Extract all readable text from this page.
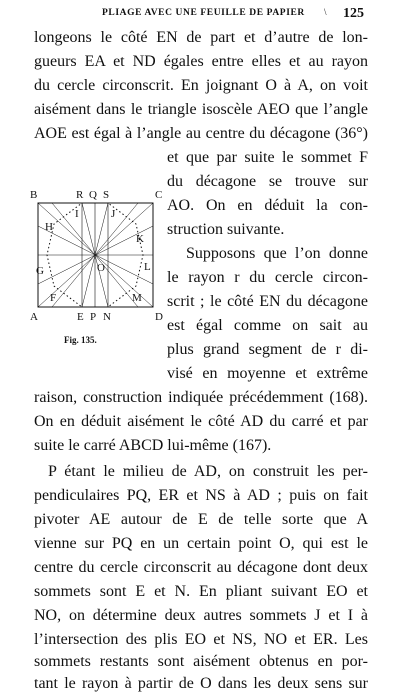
PLIAGE AVEC UNE FEUILLE DE PAPIER \ 125
longeons le côté EN de part et d’autre de lon-
gueurs EA et ND égales entre elles et au rayon
du cercle circonscrit. En joignant O à A, on voit
aisément dans le triangle isoscèle AEO que l’angle
AOE est égal à l’angle au centre du décagone (36°)
et que par suite le sommet F
du décagone se trouve sur
AO. On en déduit la con-
struction suivante.
Supposons que l’on donne
le rayon r du cercle circon-
scrit ; le côté EN du décagone
est égal comme on sait au
plus grand segment de r di-
visé en moyenne et extrême
raison, construction indiquée précédemment (168).
On en déduit aisément le côté AD du carré et par
suite le carré ABCD lui-même (167).
P étant le milieu de AD, on construit les per-
pendiculaires PQ, ER et NS à AD ; puis on fait
pivoter AE autour de E de telle sorte que A
vienne sur PQ en un certain point O, qui est le
centre du cercle circonscrit au décagone dont deux
sommets sont E et N. En pliant suivant EO et
NO, on détermine deux autres sommets J et I à
l’intersection des plis EO et NS, NO et ER. Les
sommets restants sont aisément obtenus en por-
tant le rayon à partir de O dans les deux sens sur
B	R Q S	C
I	J
H
K
G	O	L
F	M
A	E P N	D
Fig. 135.
